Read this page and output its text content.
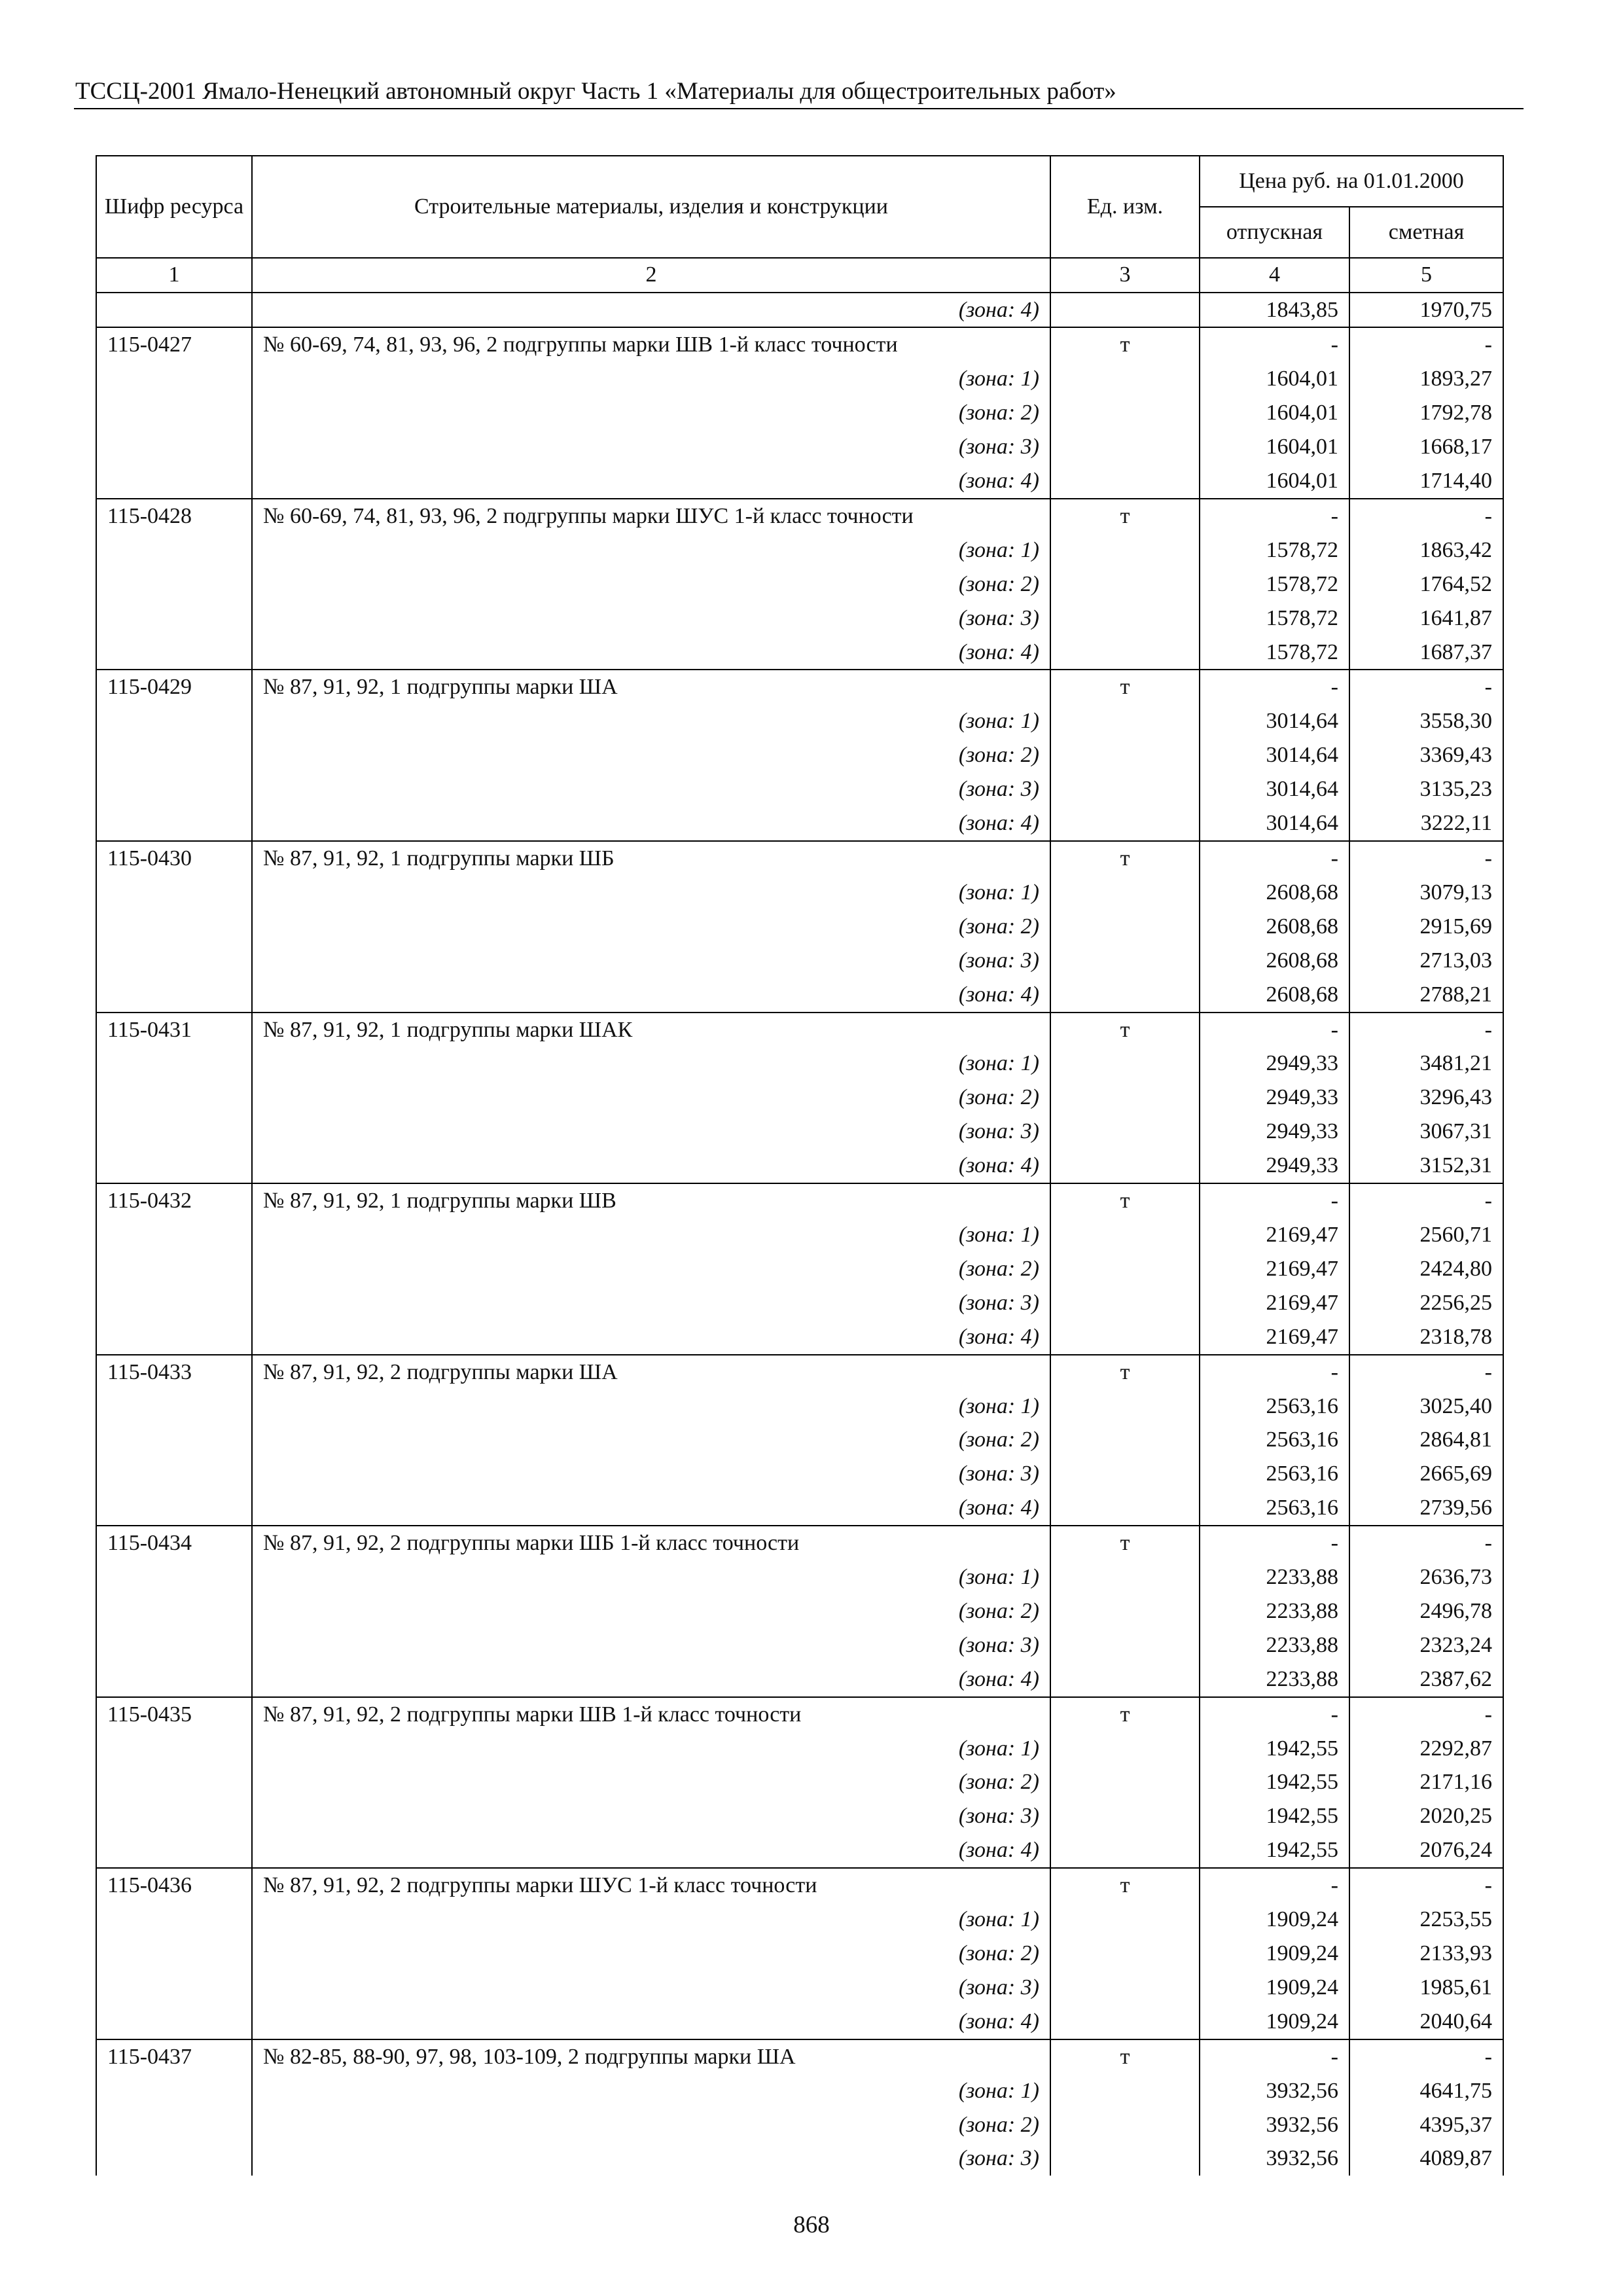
ТССЦ-2001 Ямало-Ненецкий автономный округ Часть 1 «Материалы для общестроительных работ»
Шифр ресурса	Строительные материалы, изделия и конструкции	Ед. изм.	Цена руб. на 01.01.2000	
			отпускная	сметная
1	2	3	4	5
	(зона: 4)		1843,85	1970,75
115-0427	№ 60-69, 74, 81, 93, 96, 2 подгруппы марки ШВ 1-й класс точности	т	-	-
	(зона: 1)		1604,01	1893,27
	(зона: 2)		1604,01	1792,78
	(зона: 3)		1604,01	1668,17
	(зона: 4)		1604,01	1714,40
115-0428	№ 60-69, 74, 81, 93, 96, 2 подгруппы марки ШУС 1-й класс точности	т	-	-
	(зона: 1)		1578,72	1863,42
	(зона: 2)		1578,72	1764,52
	(зона: 3)		1578,72	1641,87
	(зона: 4)		1578,72	1687,37
115-0429	№ 87, 91, 92, 1 подгруппы марки ША	т	-	-
	(зона: 1)		3014,64	3558,30
	(зона: 2)		3014,64	3369,43
	(зона: 3)		3014,64	3135,23
	(зона: 4)		3014,64	3222,11
115-0430	№ 87, 91, 92, 1 подгруппы марки ШБ	т	-	-
	(зона: 1)		2608,68	3079,13
	(зона: 2)		2608,68	2915,69
	(зона: 3)		2608,68	2713,03
	(зона: 4)		2608,68	2788,21
115-0431	№ 87, 91, 92, 1 подгруппы марки ШАК	т	-	-
	(зона: 1)		2949,33	3481,21
	(зона: 2)		2949,33	3296,43
	(зона: 3)		2949,33	3067,31
	(зона: 4)		2949,33	3152,31
115-0432	№ 87, 91, 92, 1 подгруппы марки ШВ	т	-	-
	(зона: 1)		2169,47	2560,71
	(зона: 2)		2169,47	2424,80
	(зона: 3)		2169,47	2256,25
	(зона: 4)		2169,47	2318,78
115-0433	№ 87, 91, 92, 2 подгруппы марки ША	т	-	-
	(зона: 1)		2563,16	3025,40
	(зона: 2)		2563,16	2864,81
	(зона: 3)		2563,16	2665,69
	(зона: 4)		2563,16	2739,56
115-0434	№ 87, 91, 92, 2 подгруппы марки ШБ 1-й класс точности	т	-	-
	(зона: 1)		2233,88	2636,73
	(зона: 2)		2233,88	2496,78
	(зона: 3)		2233,88	2323,24
	(зона: 4)		2233,88	2387,62
115-0435	№ 87, 91, 92, 2 подгруппы марки ШВ 1-й класс точности	т	-	-
	(зона: 1)		1942,55	2292,87
	(зона: 2)		1942,55	2171,16
	(зона: 3)		1942,55	2020,25
	(зона: 4)		1942,55	2076,24
115-0436	№ 87, 91, 92, 2 подгруппы марки ШУС 1-й класс точности	т	-	-
	(зона: 1)		1909,24	2253,55
	(зона: 2)		1909,24	2133,93
	(зона: 3)		1909,24	1985,61
	(зона: 4)		1909,24	2040,64
115-0437	№ 82-85, 88-90, 97, 98, 103-109, 2 подгруппы марки ША	т	-	-
	(зона: 1)		3932,56	4641,75
	(зона: 2)		3932,56	4395,37
	(зона: 3)		3932,56	4089,87
868
